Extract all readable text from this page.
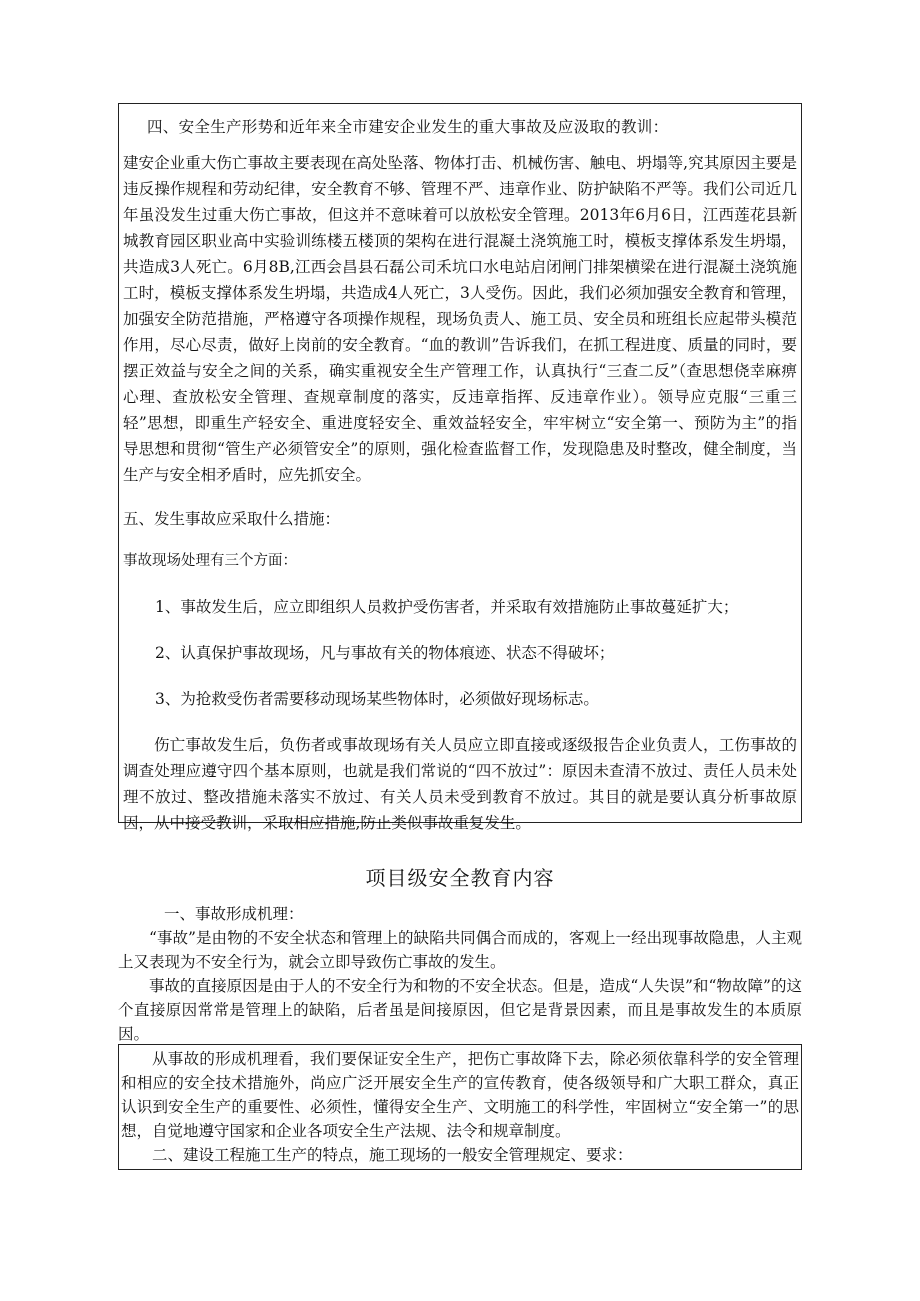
四、安全生产形势和近年来全市建安企业发生的重大事故及应汲取的教训：

建安企业重大伤亡事故主要表现在高处坠落、物体打击、机械伤害、触电、坍塌等,究其原因主要是违反操作规程和劳动纪律，安全教育不够、管理不严、违章作业、防护缺陷不严等。我们公司近几年虽没发生过重大伤亡事故，但这并不意味着可以放松安全管理。2013年6月6日，江西莲花县新城教育园区职业高中实验训练楼五楼顶的架构在进行混凝土浇筑施工时，模板支撑体系发生坍塌，共造成3人死亡。6月8B,江西会昌县石磊公司禾坑口水电站启闭闸门排架横梁在进行混凝土浇筑施工时，模板支撑体系发生坍塌，共造成4人死亡，3人受伤。因此，我们必须加强安全教育和管理，加强安全防范措施，严格遵守各项操作规程，现场负责人、施工员、安全员和班组长应起带头模范作用，尽心尽责，做好上岗前的安全教育。“血的教训”告诉我们，在抓工程进度、质量的同时，要摆正效益与安全之间的关系，确实重视安全生产管理工作，认真执行“三查二反”（查思想侥幸麻痹心理、查放松安全管理、查规章制度的落实，反违章指挥、反违章作业）。领导应克服“三重三轻”思想，即重生产轻安全、重进度轻安全、重效益轻安全，牢牢树立“安全第一、预防为主”的指导思想和贯彻“管生产必须管安全”的原则，强化检查监督工作，发现隐患及时整改，健全制度，当生产与安全相矛盾时，应先抓安全。

五、发生事故应采取什么措施：
事故现场处理有三个方面：
1、事故发生后，应立即组织人员救护受伤害者，并采取有效措施防止事故蔓延扩大；
2、认真保护事故现场，凡与事故有关的物体痕迹、状态不得破坏；
3、为抢救受伤者需要移动现场某些物体时，必须做好现场标志。

伤亡事故发生后，负伤者或事故现场有关人员应立即直接或逐级报告企业负责人，工伤事故的调查处理应遵守四个基本原则，也就是我们常说的“四不放过”：原因未查清不放过、责任人员未处理不放过、整改措施未落实不放过、有关人员未受到教育不放过。其目的就是要认真分析事故原因，从中接受教训，采取相应措施,防止类似事故重复发生。

项目级安全教育内容

一、事故形成机理：

“事故”是由物的不安全状态和管理上的缺陷共同偶合而成的，客观上一经出现事故隐患，人主观上又表现为不安全行为，就会立即导致伤亡事故的发生。

事故的直接原因是由于人的不安全行为和物的不安全状态。但是，造成“人失误”和“物故障”的这个直接原因常常是管理上的缺陷，后者虽是间接原因，但它是背景因素，而且是事故发生的本质原因。

从事故的形成机理看，我们要保证安全生产，把伤亡事故降下去，除必须依靠科学的安全管理和相应的安全技术措施外，尚应广泛开展安全生产的宣传教育，使各级领导和广大职工群众，真正认识到安全生产的重要性、必须性，懂得安全生产、文明施工的科学性，牢固树立“安全第一”的思想，自觉地遵守国家和企业各项安全生产法规、法令和规章制度。

二、建设工程施工生产的特点，施工现场的一般安全管理规定、要求：
